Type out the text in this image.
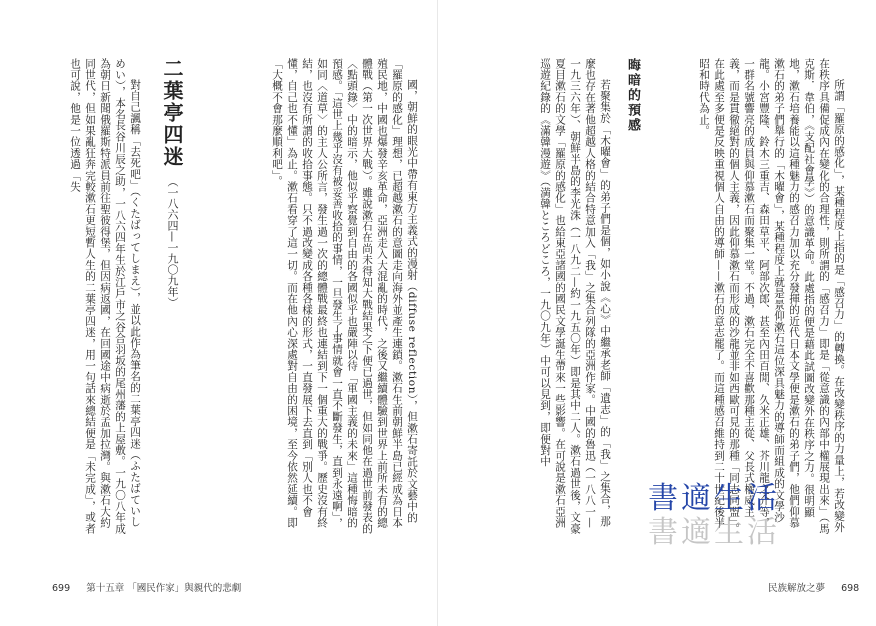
國，朝鮮的眼光中帶有東方主義式的漫射（diffuse reflection），但漱石寄託於文藝中的「羅原的感化」理想，已超越漱石的意圖走向海外並產生連鎖。漱石生前朝鮮半島已經成為日本殖民地，中國也爆發辛亥革命，亞洲走入大混亂的時代，之後又繼續體驗到世界上前所未有的總體戰（第一次世界大戰）。雖說漱石在尚未得知大戰結果之下便已過世，但如同他在過世前發表的〈點頭錄〉中的暗示，他似乎察覺到自由的各國似乎也嚴陣以待「軍國主義的未來」這種悔暗的預感。「這世上幾乎沒有被妥善收拾的事情，一旦發生了事情就會一直不斷發生，直到永遠啊」，如同〈道草〉的主人公所言，發生過一次的總體戰最終也連結到下一個重大的戰爭。歷史沒有終結，也沒有所謂的收拾事態。只不過改變成各種各樣的形式，一直發展下去直到「別人也不會懂，自己也不懂」為止。漱石看穿了這一切。而在他內心深處對自由的困境，至今依然延續。即「大概不會那麼順利吧」。

二葉亭四迷（一八六四—一九〇九年）

對自己諷稱「去死吧」（くたばってしまえ），並以此作為筆名的二葉亭四迷（ふたばていしめい），本名長谷川辰之助，一八六四年生於江戶市之谷合羽坂的尾州藩的上屋敷。一九〇八年成為朝日新聞俄羅斯特派員前往聖彼得堡，但因病返國，在回國途中病逝於孟加拉灣。與漱石大約同世代，但如果亂狂奔完較漱石更短暫人生的二葉亭四迷，用一句話來總結便是「未完成」，或者也可說，他是一位透過「失

699 第十五章 「國民作家」與親代的悲劇

所謂「羅原的感化」，某種程度上指的是「感召力」的轉換。在改變秩序的力量上，若改變外在秩序具備促成內在變化的合理性，則所謂的「感召力」即是「從意識的內部中權展現出來」（馬克斯．韋伯，《支配社會學》）的意識革命。此處指的便是藉此試圖改變外在秩序之力。很明顯地，漱石培養能以這種魅力的感召力加以充分發揮的近代日本文學便是漱石的弟子們，他們仰慕漱石的弟子們舉行的「木曜會」，某種程度上就是景仰漱石這位深具魅力的導師而組成的文學沙龍。小宮豐隆、鈴木三重吉、森田草平、阿部次郎、甚至內田百閒、久米正雄、芥川龍之介等，一群名號響亮的成員與仰慕漱石而聚集一堂。不過，漱石完全不喜歡那種主從、父長式權威主義，而是貫徹絕對的個人主義，因此仰慕漱石而形成的沙龍並非如西歐可見的那種「同志同盟」。在此處至多便是反映重視個人自由的導師——漱石的意志罷了。而這種感召維持到二十世紀後半昭和時代為止。

晦暗的預感

若聚集於「木曜會」的弟子們是個，如小說《心》中繼承老師「遺志」的「我」之集合，那麼也存在著他超越人格的結合特意加入「我」之集合列隊的亞洲作家。中國的魯迅（一八八一—一九三六年）、朝鮮半島的李光洙（一八九二—約一九五〇年）即是其中二人。漱石過世後，文豪夏目漱石的文學「羅原的感化」也給東亞諸國的國民文學誕生帶來一些影響。在可說是漱石亞洲巡遊紀錄的《滿韓漫遊》（満韓ところどころ，一九〇九年）中可以見到，即便對中

民族解放之夢 698
書適生活
書適生活
